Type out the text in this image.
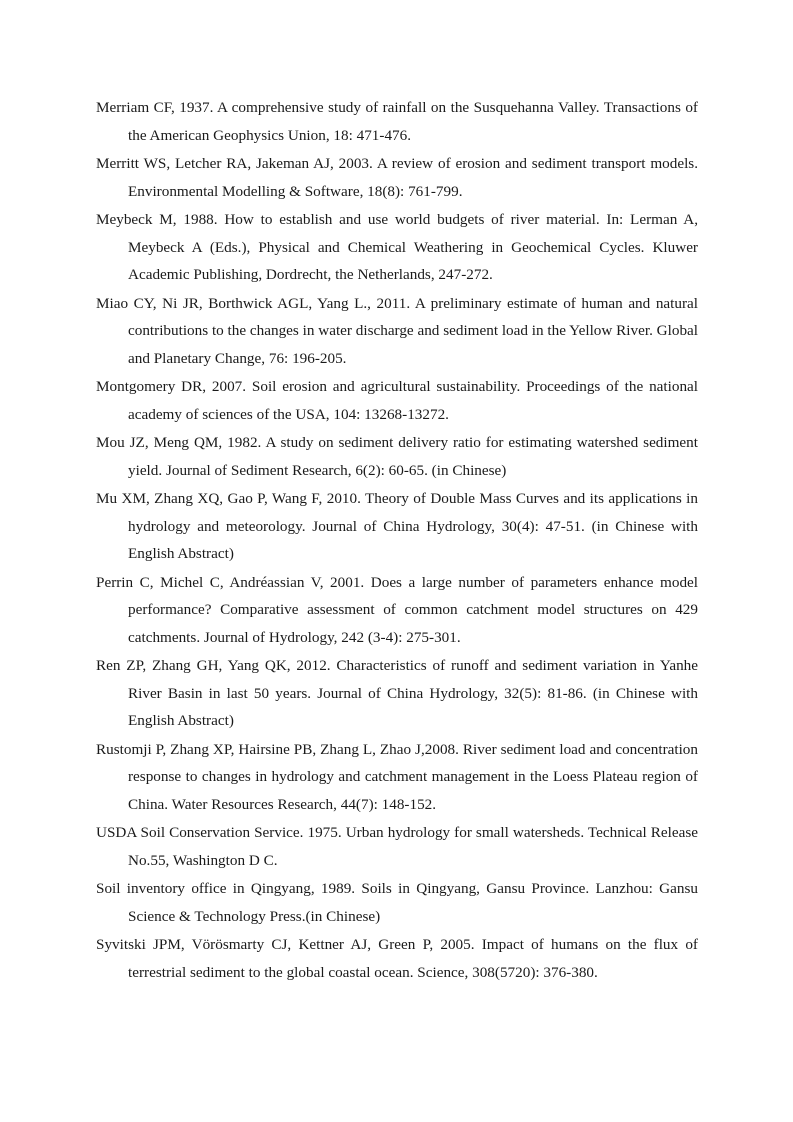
Merriam CF, 1937. A comprehensive study of rainfall on the Susquehanna Valley. Transactions of the American Geophysics Union, 18: 471-476.
Merritt WS, Letcher RA, Jakeman AJ, 2003. A review of erosion and sediment transport models. Environmental Modelling & Software, 18(8): 761-799.
Meybeck M, 1988. How to establish and use world budgets of river material. In: Lerman A, Meybeck A (Eds.), Physical and Chemical Weathering in Geochemical Cycles. Kluwer Academic Publishing, Dordrecht, the Netherlands, 247-272.
Miao CY, Ni JR, Borthwick AGL, Yang L., 2011. A preliminary estimate of human and natural contributions to the changes in water discharge and sediment load in the Yellow River. Global and Planetary Change, 76: 196-205.
Montgomery DR, 2007. Soil erosion and agricultural sustainability. Proceedings of the national academy of sciences of the USA, 104: 13268-13272.
Mou JZ, Meng QM, 1982. A study on sediment delivery ratio for estimating watershed sediment yield. Journal of Sediment Research, 6(2): 60-65. (in Chinese)
Mu XM, Zhang XQ, Gao P, Wang F, 2010. Theory of Double Mass Curves and its applications in hydrology and meteorology. Journal of China Hydrology, 30(4): 47-51. (in Chinese with English Abstract)
Perrin C, Michel C, Andréassian V, 2001. Does a large number of parameters enhance model performance? Comparative assessment of common catchment model structures on 429 catchments. Journal of Hydrology, 242 (3-4): 275-301.
Ren ZP, Zhang GH, Yang QK, 2012. Characteristics of runoff and sediment variation in Yanhe River Basin in last 50 years. Journal of China Hydrology, 32(5): 81-86. (in Chinese with English Abstract)
Rustomji P, Zhang XP, Hairsine PB, Zhang L, Zhao J,2008. River sediment load and concentration response to changes in hydrology and catchment management in the Loess Plateau region of China. Water Resources Research, 44(7): 148-152.
USDA Soil Conservation Service. 1975. Urban hydrology for small watersheds. Technical Release No.55, Washington D C.
Soil inventory office in Qingyang, 1989. Soils in Qingyang, Gansu Province. Lanzhou: Gansu Science & Technology Press.(in Chinese)
Syvitski JPM, Vörösmarty CJ, Kettner AJ, Green P, 2005. Impact of humans on the flux of terrestrial sediment to the global coastal ocean. Science, 308(5720): 376-380.
